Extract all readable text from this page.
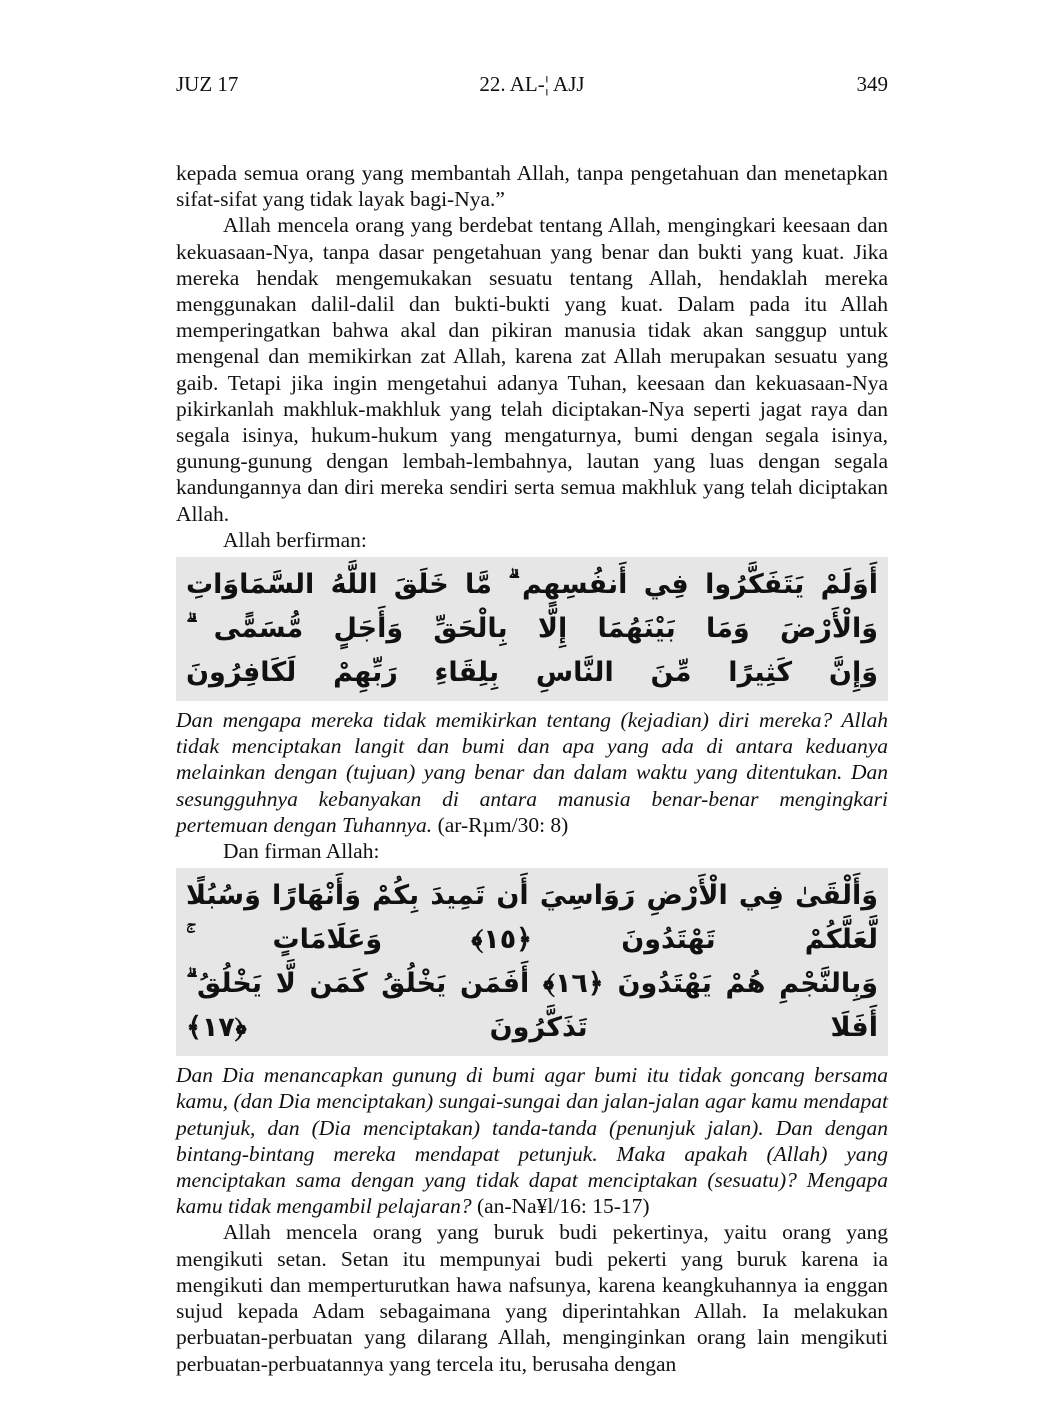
JUZ 17	22. AL-¦ AJJ	349

kepada semua orang yang membantah Allah, tanpa pengetahuan dan menetapkan sifat-sifat yang tidak layak bagi-Nya.”

Allah mencela orang yang berdebat tentang Allah, mengingkari keesaan dan kekuasaan-Nya, tanpa dasar pengetahuan yang benar dan bukti yang kuat. Jika mereka hendak mengemukakan sesuatu tentang Allah, hendaklah mereka menggunakan dalil-dalil dan bukti-bukti yang kuat. Dalam pada itu Allah memperingatkan bahwa akal dan pikiran manusia tidak akan sanggup untuk mengenal dan memikirkan zat Allah, karena zat Allah merupakan sesuatu yang gaib. Tetapi jika ingin mengetahui adanya Tuhan, keesaan dan kekuasaan-Nya pikirkanlah makhluk-makhluk yang telah diciptakan-Nya seperti jagat raya dan segala isinya, hukum-hukum yang mengaturnya, bumi dengan segala isinya, gunung-gunung dengan lembah-lembahnya, lautan yang luas dengan segala kandungannya dan diri mereka sendiri serta semua makhluk yang telah diciptakan Allah.

Allah berfirman:

أَوَلَمْ يَتَفَكَّرُوا فِي أَنفُسِهِم ۗ مَّا خَلَقَ اللَّهُ السَّمَاوَاتِ وَالْأَرْضَ وَمَا بَيْنَهُمَا إِلَّا بِالْحَقِّ وَأَجَلٍ مُّسَمًّى ۗ
وَإِنَّ كَثِيرًا مِّنَ النَّاسِ بِلِقَاءِ رَبِّهِمْ لَكَافِرُونَ

Dan mengapa mereka tidak memikirkan tentang (kejadian) diri mereka? Allah tidak menciptakan langit dan bumi dan apa yang ada di antara keduanya melainkan dengan (tujuan) yang benar dan dalam waktu yang ditentukan. Dan sesungguhnya kebanyakan di antara manusia benar-benar mengingkari pertemuan dengan Tuhannya. (ar-Rµm/30: 8)

Dan firman Allah:

وَأَلْقَىٰ فِي الْأَرْضِ رَوَاسِيَ أَن تَمِيدَ بِكُمْ وَأَنْهَارًا وَسُبُلًا لَّعَلَّكُمْ تَهْتَدُونَ ﴿١٥﴾ وَعَلَامَاتٍ ۚ
وَبِالنَّجْمِ هُمْ يَهْتَدُونَ ﴿١٦﴾ أَفَمَن يَخْلُقُ كَمَن لَّا يَخْلُقُ ۗ أَفَلَا تَذَكَّرُونَ ﴿١٧﴾

Dan Dia menancapkan gunung di bumi agar bumi itu tidak goncang bersama kamu, (dan Dia menciptakan) sungai-sungai dan jalan-jalan agar kamu mendapat petunjuk, dan (Dia menciptakan) tanda-tanda (penunjuk jalan). Dan dengan bintang-bintang mereka mendapat petunjuk. Maka apakah (Allah) yang menciptakan sama dengan yang tidak dapat menciptakan (sesuatu)? Mengapa kamu tidak mengambil pelajaran? (an-Na¥l/16: 15-17)

Allah mencela orang yang buruk budi pekertinya, yaitu orang yang mengikuti setan. Setan itu mempunyai budi pekerti yang buruk karena ia mengikuti dan memperturutkan hawa nafsunya, karena keangkuhannya ia enggan sujud kepada Adam sebagaimana yang diperintahkan Allah. Ia melakukan perbuatan-perbuatan yang dilarang Allah, menginginkan orang lain mengikuti perbuatan-perbuatannya yang tercela itu, berusaha dengan
